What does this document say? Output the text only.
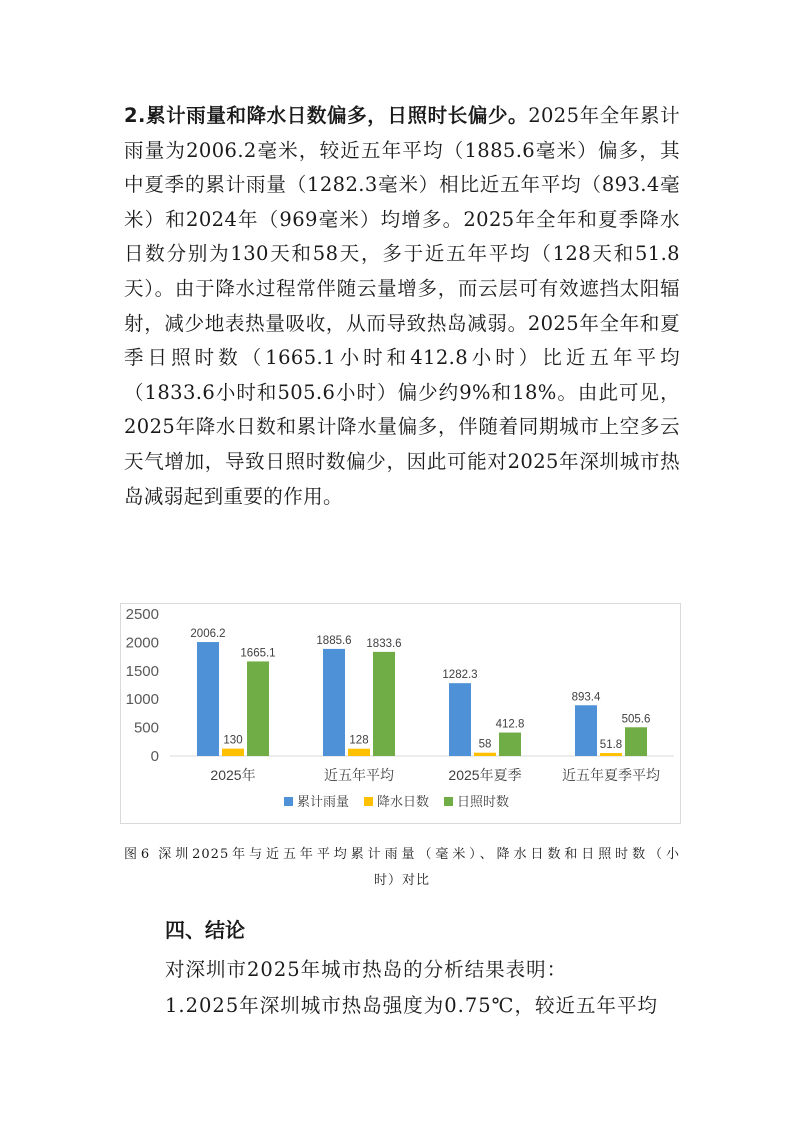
2.累计雨量和降水日数偏多，日照时长偏少。2025年全年累计雨量为2006.2毫米，较近五年平均（1885.6毫米）偏多，其中夏季的累计雨量（1282.3毫米）相比近五年平均（893.4毫米）和2024年（969毫米）均增多。2025年全年和夏季降水日数分别为130天和58天，多于近五年平均（128天和51.8天）。由于降水过程常伴随云量增多，而云层可有效遮挡太阳辐射，减少地表热量吸收，从而导致热岛减弱。2025年全年和夏季日照时数（1665.1小时和412.8小时）比近五年平均（1833.6小时和505.6小时）偏少约9%和18%。由此可见，2025年降水日数和累计降水量偏多，伴随着同期城市上空多云天气增加，导致日照时数偏少，因此可能对2025年深圳城市热岛减弱起到重要的作用。

0
500
1000
1500
2000
2500
2006.2
130
1665.1
2025年
1885.6
128
1833.6
近五年平均
1282.3
58
412.8
2025年夏季
893.4
51.8
505.6
近五年夏季平均
累计雨量 降水日数 日照时数

图6 深圳2025年与近五年平均累计雨量（毫米）、降水日数和日照时数（小
时）对比

四、结论

对深圳市2025年城市热岛的分析结果表明：

1.2025年深圳城市热岛强度为0.75℃，较近五年平均
